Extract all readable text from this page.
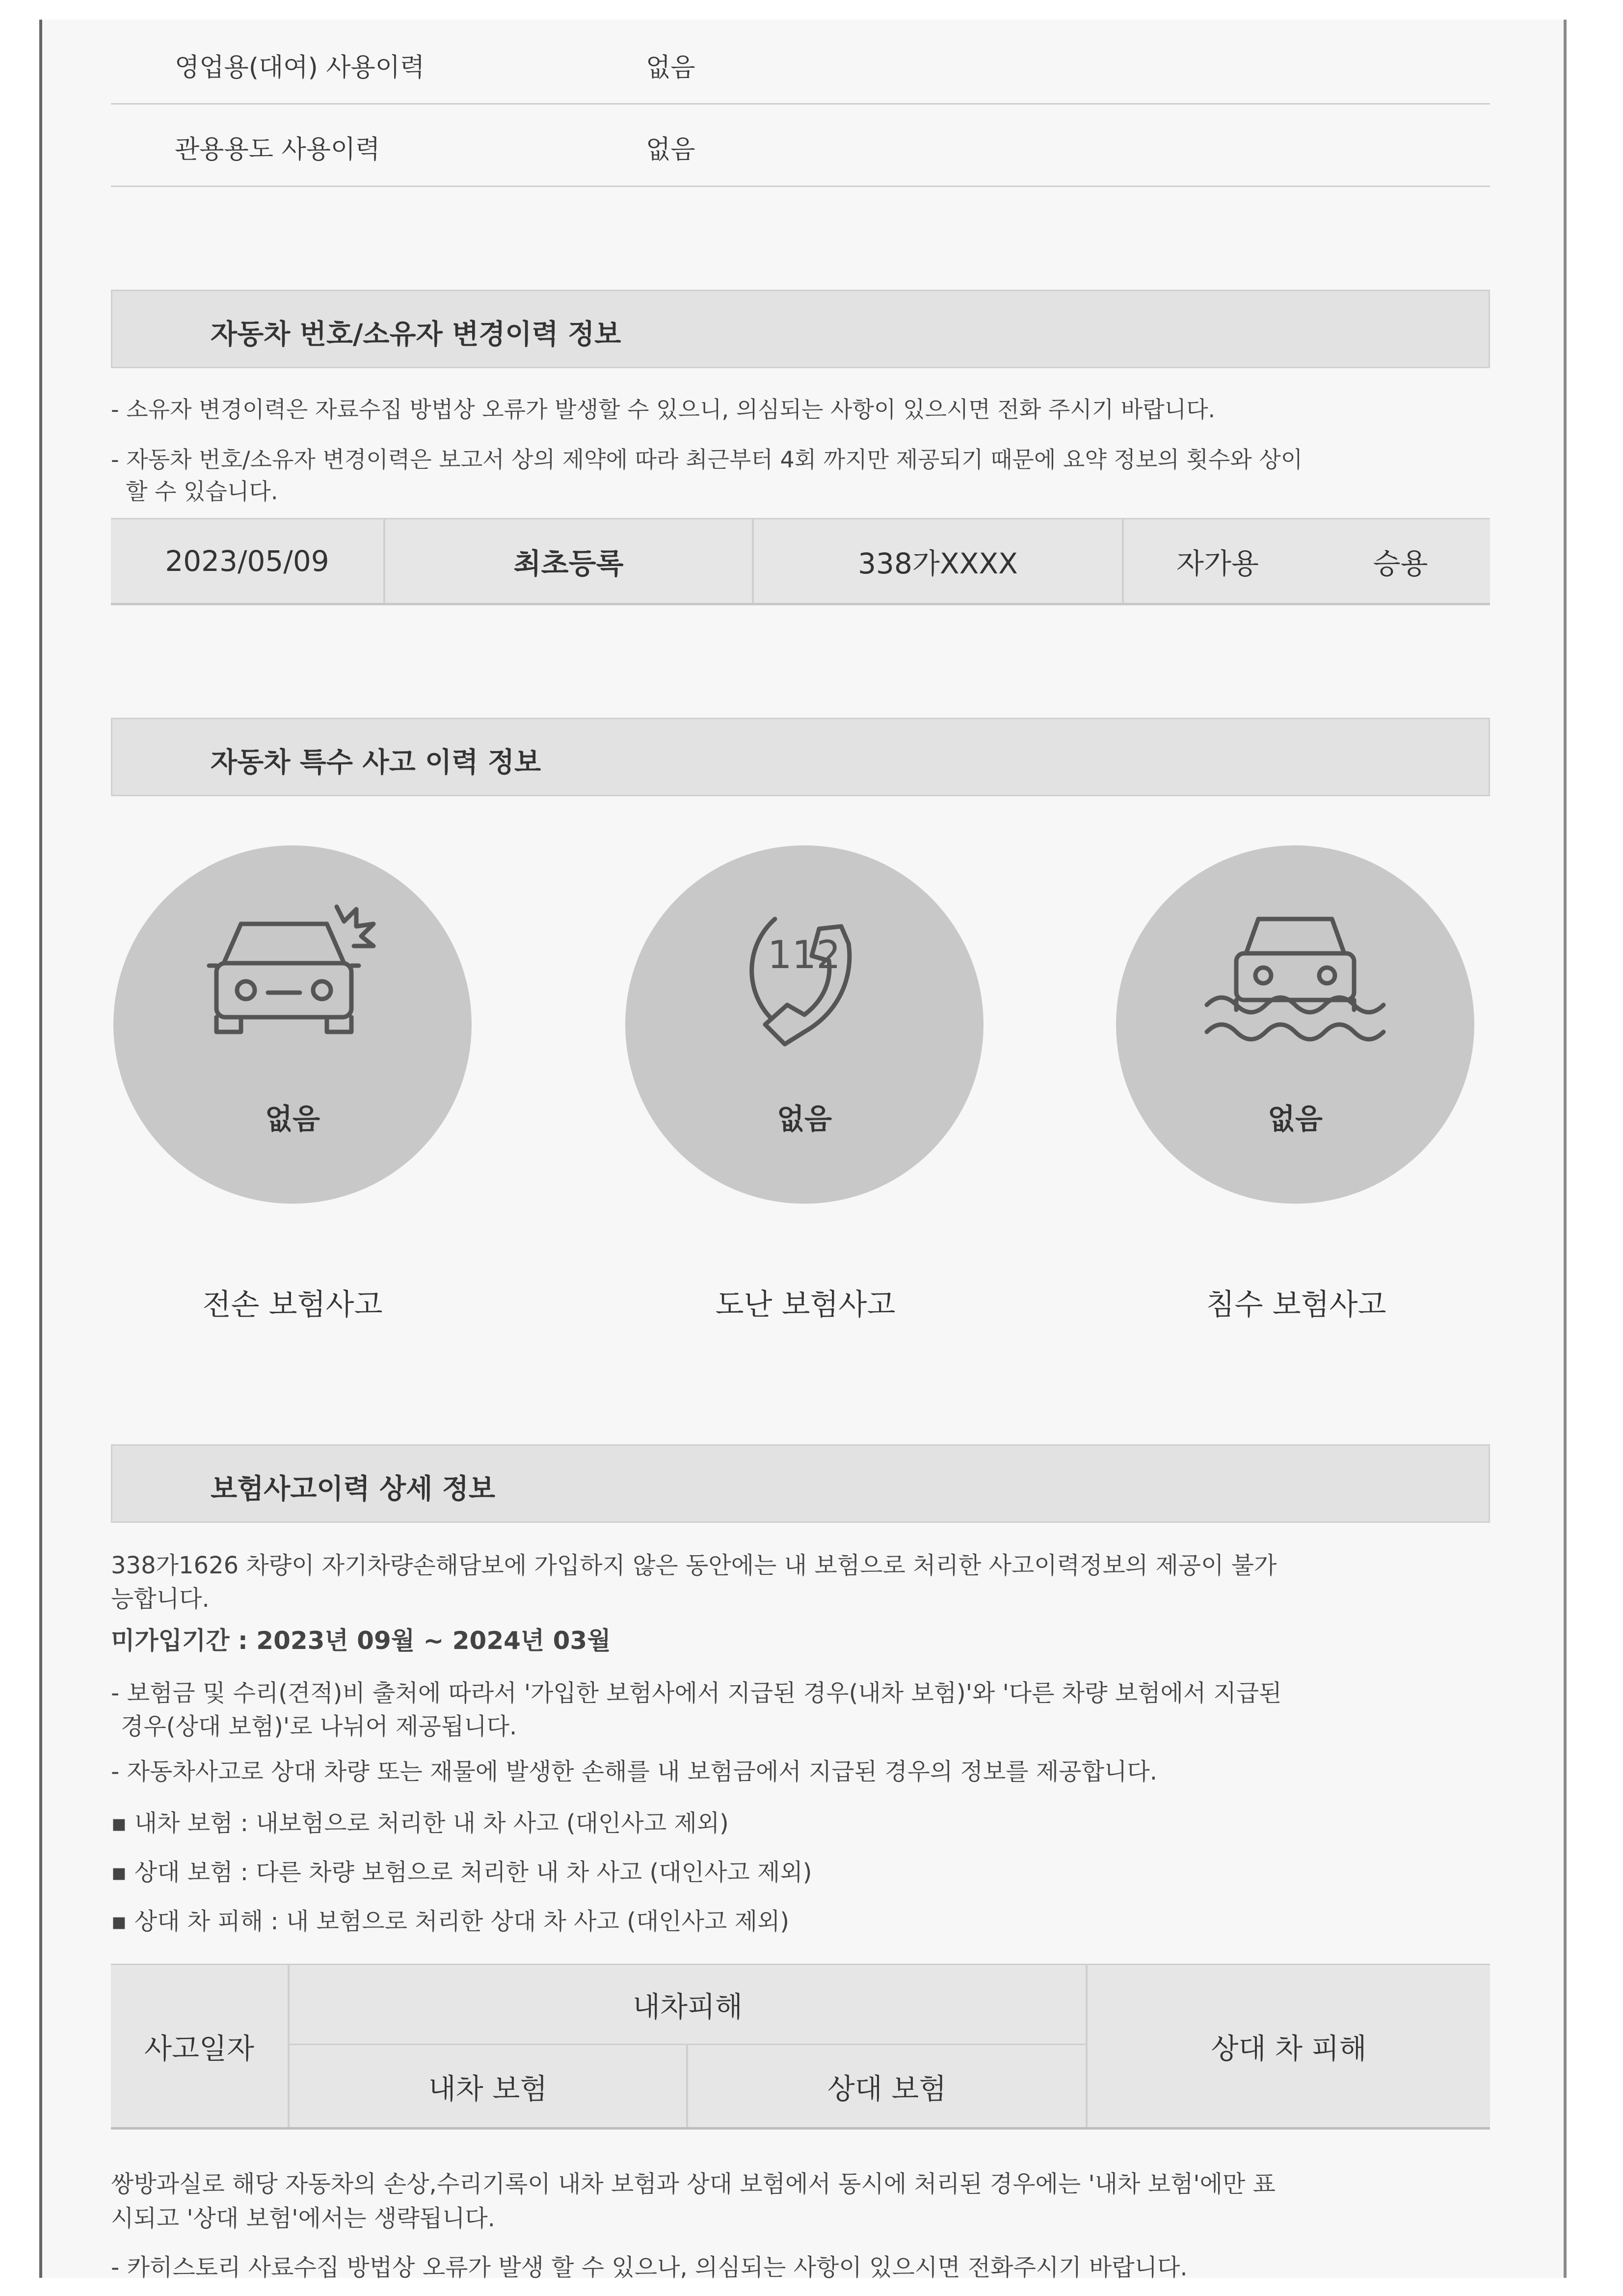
영업용(대여) 사용이력	없음
관용용도 사용이력	없음
자동차 번호/소유자 변경이력 정보
- 소유자 변경이력은 자료수집 방법상 오류가 발생할 수 있으니, 의심되는 사항이 있으시면 전화 주시기 바랍니다.
- 자동차 번호/소유자 변경이력은 보고서 상의 제약에 따라 최근부터 4회 까지만 제공되기 때문에 요약 정보의 횟수와 상이
할 수 있습니다.
2023/05/09	최초등록	338가XXXX	자가용	승용
자동차 특수 사고 이력 정보
없음
112
없음	없음
전손 보험사고	도난 보험사고	침수 보험사고
보험사고이력 상세 정보
338가1626 차량이 자기차량손해담보에 가입하지 않은 동안에는 내 보험으로 처리한 사고이력정보의 제공이 불가
능합니다.
미가입기간 : 2023년 09월 ~ 2024년 03월
- 보험금 및 수리(견적)비 출처에 따라서 '가입한 보험사에서 지급된 경우(내차 보험)'와 '다른 차량 보험에서 지급된
경우(상대 보험)'로 나뉘어 제공됩니다.
- 자동차사고로 상대 차량 또는 재물에 발생한 손해를 내 보험금에서 지급된 경우의 정보를 제공합니다.
▪ 내차 보험 : 내보험으로 처리한 내 차 사고 (대인사고 제외)
▪ 상대 보험 : 다른 차량 보험으로 처리한 내 차 사고 (대인사고 제외)
▪ 상대 차 피해 : 내 보험으로 처리한 상대 차 사고 (대인사고 제외)
사고일자
내차피해
내차 보험	상대 보험
상대 차 피해
쌍방과실로 해당 자동차의 손상,수리기록이 내차 보험과 상대 보험에서 동시에 처리된 경우에는 '내차 보험'에만 표
시되고 '상대 보험'에서는 생략됩니다.
- 카히스토리 사료수집 방법상 오류가 발생 할 수 있으나, 의심되는 사항이 있으시면 전화주시기 바랍니다.
